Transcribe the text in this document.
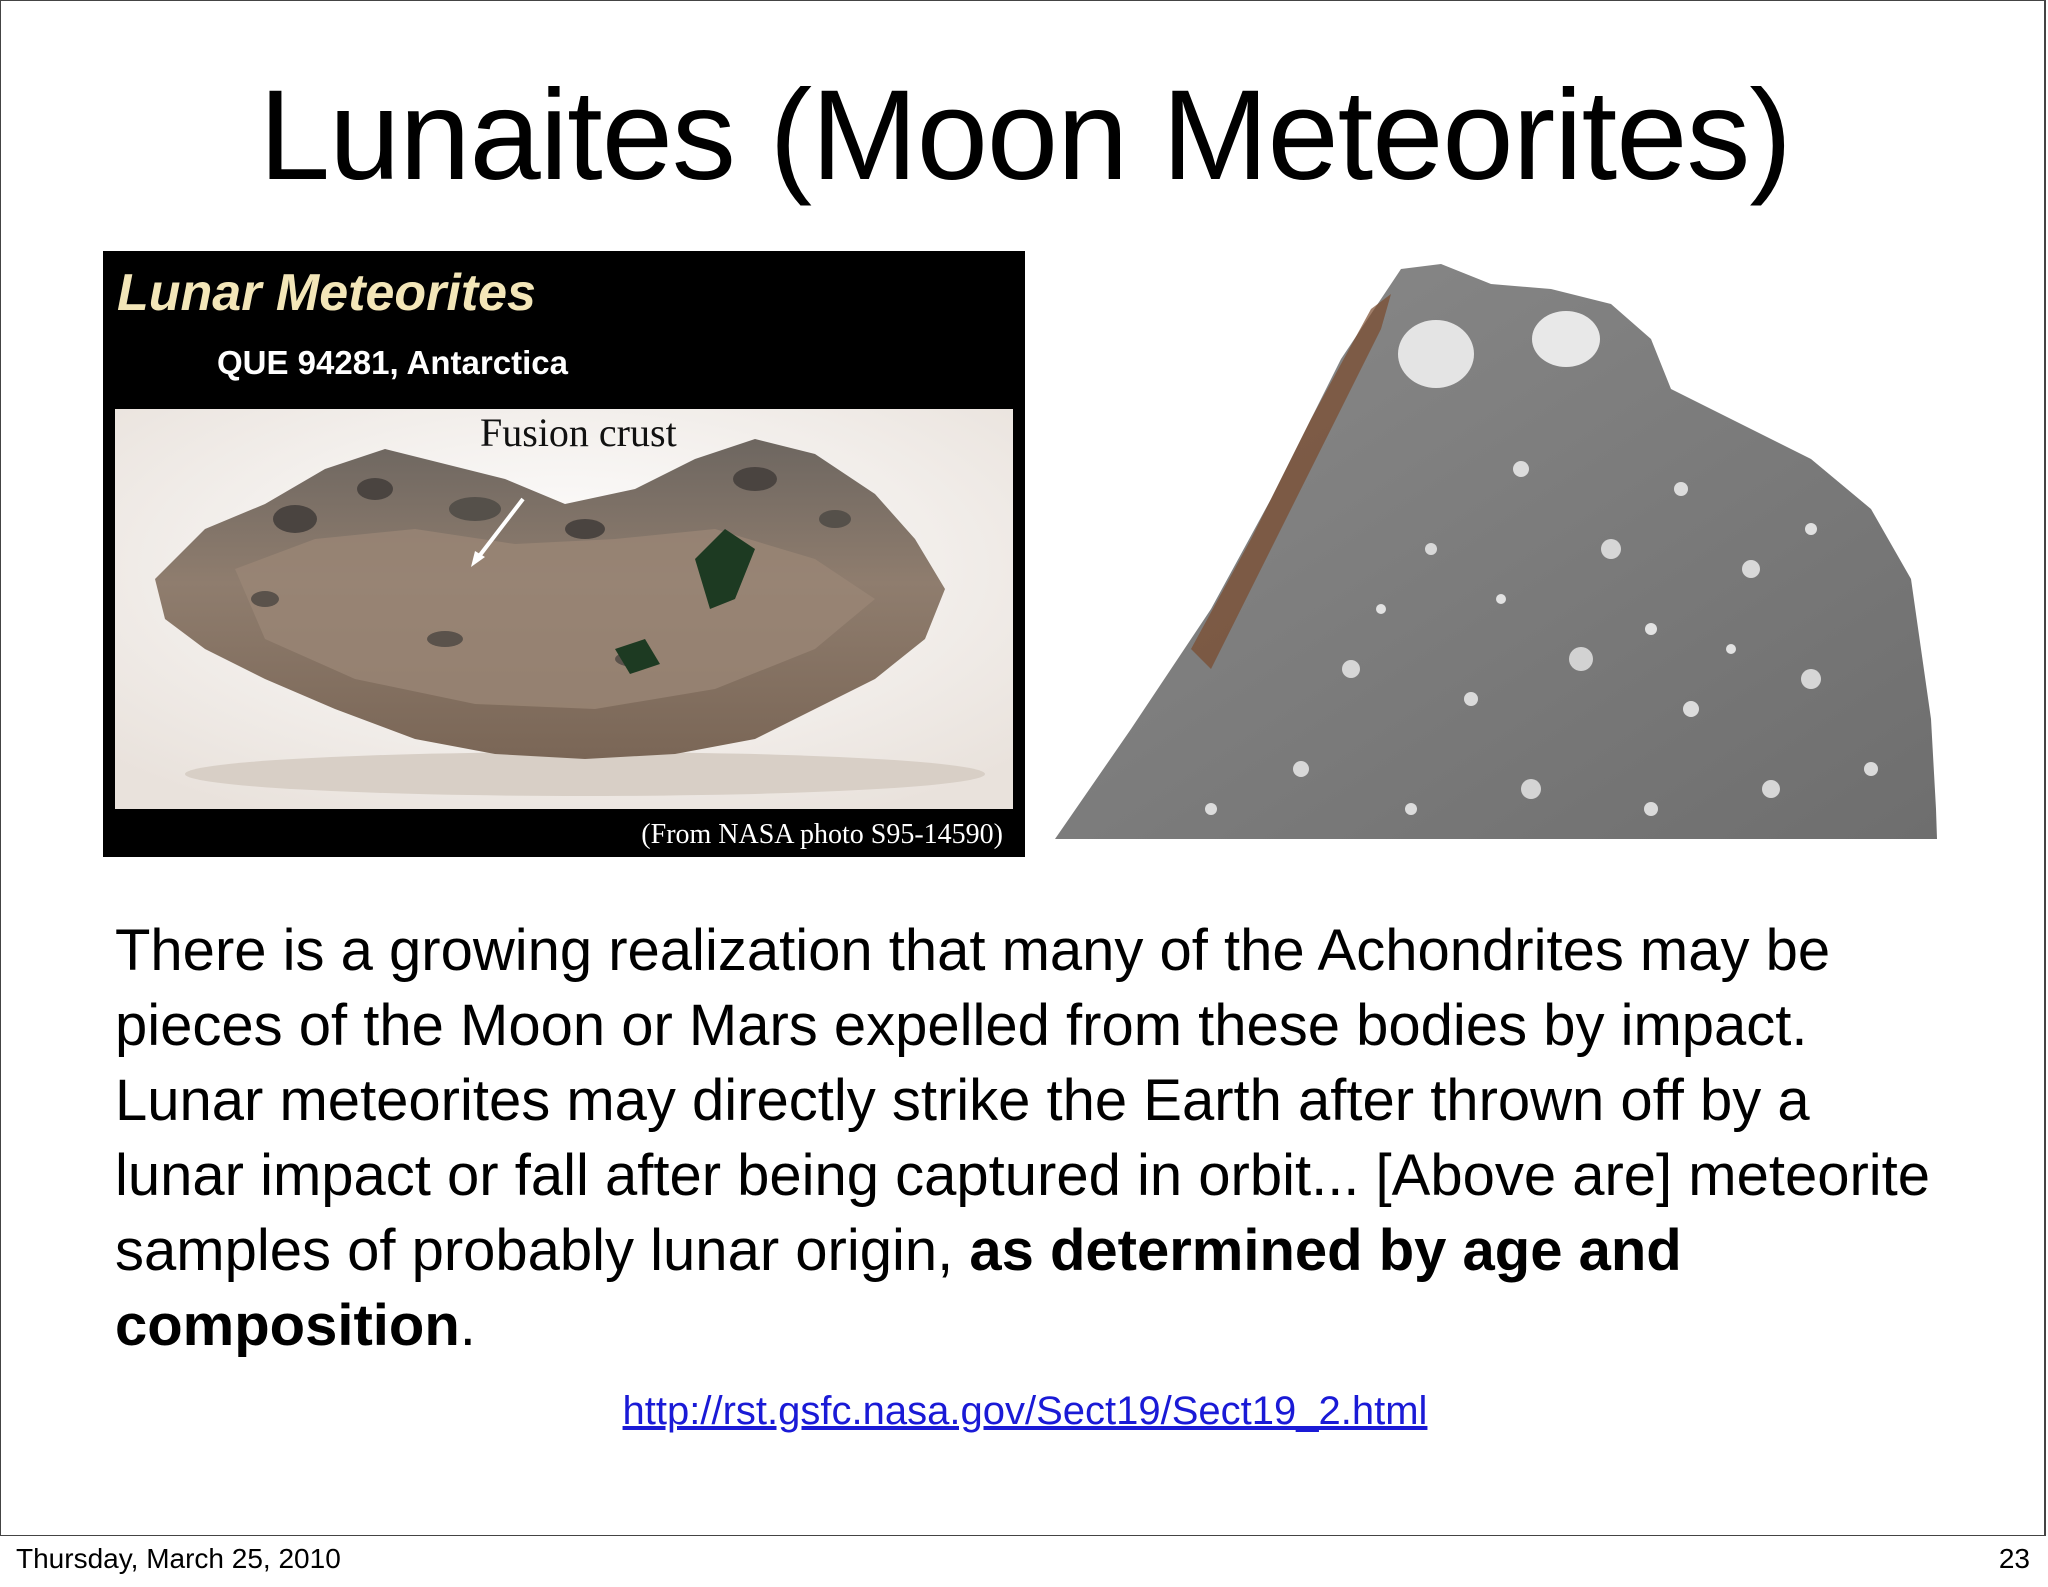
Lunaites (Moon Meteorites)
Lunar Meteorites
QUE 94281, Antarctica
Fusion crust
(From NASA photo S95-14590)
There is a growing realization that many of the Achondrites may be pieces of the Moon or Mars expelled from these bodies by impact. Lunar meteorites may directly strike the Earth after thrown off by a lunar impact or fall after being captured in orbit... [Above are] meteorite samples of probably lunar origin, as determined by age and composition.
http://rst.gsfc.nasa.gov/Sect19/Sect19_2.html
Thursday, March 25, 2010	23
